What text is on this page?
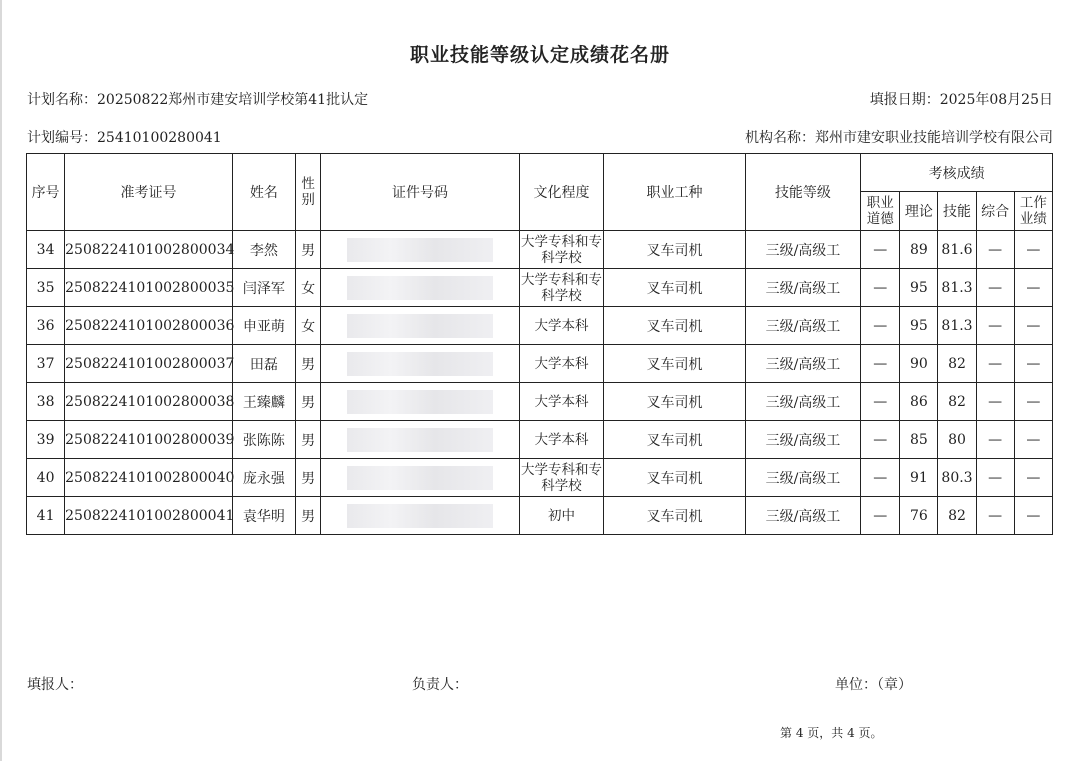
职业技能等级认定成绩花名册
计划名称：20250822郑州市建安培训学校第41批认定	填报日期：2025年08月25日
计划编号：25410100280041	机构名称：郑州市建安职业技能培训学校有限公司
序号	准考证号	姓名	性别	证件号码	文化程度	职业工种	技能等级	考核成绩				
								职业道德	理论	技能	综合	工作业绩
34	2508224101002800034	李然	男		大学专科和专科学校	叉车司机	三级/高级工	—	89	81.6	—	—
35	2508224101002800035	闫泽军	女		大学专科和专科学校	叉车司机	三级/高级工	—	95	81.3	—	—
36	2508224101002800036	申亚萌	女		大学本科	叉车司机	三级/高级工	—	95	81.3	—	—
37	2508224101002800037	田磊	男		大学本科	叉车司机	三级/高级工	—	90	82	—	—
38	2508224101002800038	王臻麟	男		大学本科	叉车司机	三级/高级工	—	86	82	—	—
39	2508224101002800039	张陈陈	男		大学本科	叉车司机	三级/高级工	—	85	80	—	—
40	2508224101002800040	庞永强	男		大学专科和专科学校	叉车司机	三级/高级工	—	91	80.3	—	—
41	2508224101002800041	袁华明	男		初中	叉车司机	三级/高级工	—	76	82	—	—
填报人：	负责人：	单位：（章）
第 4 页，共 4 页。
